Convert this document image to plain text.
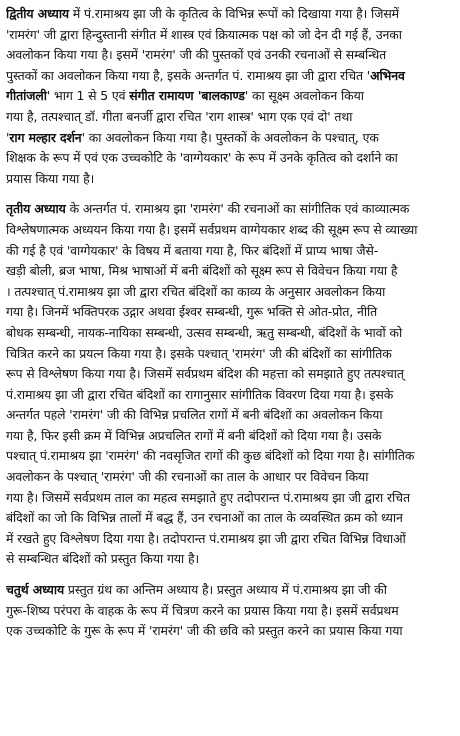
द्वितीय अध्याय में पं.रामाश्रय झा जी के कृतित्व के विभिन्न रूपों को दिखाया गया है। जिसमें
'रामरंग' जी द्वारा हिन्दुस्तानी संगीत में शास्त्र एवं क्रियात्मक पक्ष को जो देन दी गई हैं, उनका
अवलोकन किया गया है। इसमें 'रामरंग' जी की पुस्तकों एवं उनकी रचनाओं से सम्बन्धित
पुस्तकों का अवलोकन किया गया है, इसके अन्तर्गत पं. रामाश्रय झा जी द्वारा रचित 'अभिनव
गीतांजली' भाग 1 से 5 एवं संगीत रामायण 'बालकाण्ड' का सूक्ष्म अवलोकन किया
गया है, तत्पश्चात् डॉ. गीता बनर्जी द्वारा रचित 'राग शास्त्र' भाग एक एवं दो' तथा
'राग मल्हार दर्शन' का अवलोकन किया गया है। पुस्तकों के अवलोकन के पश्चात्, एक
शिक्षक के रूप में एवं एक उच्चकोटि के 'वाग्गेयकार' के रूप में उनके कृतित्व को दर्शाने का
प्रयास किया गया है।
तृतीय अध्याय के अन्तर्गत पं. रामाश्रय झा 'रामरंग' की रचनाओं का सांगीतिक एवं काव्यात्मक
विश्लेषणात्मक अध्ययन किया गया है। इसमें सर्वप्रथम वाग्गेयकार शब्द की सूक्ष्म रूप से व्याख्या
की गई है एवं 'वाग्गेयकार' के विषय में बताया गया है, फिर बंदिशों में प्राप्य भाषा जैसे-
खड़ी बोली, ब्रज भाषा, मिश्र भाषाओं में बनी बंदिशों को सूक्ष्म रूप से विवेचन किया गया है
। तत्पश्चात् पं.रामाश्रय झा जी द्वारा रचित बंदिशों का काव्य के अनुसार अवलोकन किया
गया है। जिनमें भक्तिपरक उद्गार अथवा ईश्वर सम्बन्धी, गुरू भक्ति से ओत-प्रोत, नीति
बोधक सम्बन्धी, नायक-नायिका सम्बन्धी, उत्सव सम्बन्धी, ऋतु सम्बन्धी, बंदिशों के भावों को
चित्रित करने का प्रयत्न किया गया है। इसके पश्चात् 'रामरंग' जी की बंदिशों का सांगीतिक
रूप से विश्लेषण किया गया है। जिसमें सर्वप्रथम बंदिश की महत्ता को समझाते हुए तत्पश्चात्
पं.रामाश्रय झा जी द्वारा रचित बंदिशों का रागानुसार सांगीतिक विवरण दिया गया है। इसके
अन्तर्गत पहले 'रामरंग' जी की विभिन्न प्रचलित रागों में बनी बंदिशों का अवलोकन किया
गया है, फिर इसी क्रम में विभिन्न अप्रचलित रागों में बनी बंदिशों को दिया गया है। उसके
पश्चात् पं.रामाश्रय झा 'रामरंग' की नवसृजित रागों की कुछ बंदिशों को दिया गया है। सांगीतिक
अवलोकन के पश्चात् 'रामरंग' जी की रचनाओं का ताल के आधार पर विवेचन किया
गया है। जिसमें सर्वप्रथम ताल का महत्व समझाते हुए तदोपरान्त पं.रामाश्रय झा जी द्वारा रचित
बंदिशों का जो कि विभिन्न तालों में बद्ध हैं, उन रचनाओं का ताल के व्यवस्थित क्रम को ध्यान
में रखते हुए विश्लेषण दिया गया है। तदोपरान्त पं.रामाश्रय झा जी द्वारा रचित विभिन्न विधाओं
से सम्बन्धित बंदिशों को प्रस्तुत किया गया है।
चतुर्थ अध्याय प्रस्तुत ग्रंथ का अन्तिम अध्याय है। प्रस्तुत अध्याय में पं.रामाश्रय झा जी की
गुरू-शिष्य परंपरा के वाहक के रूप में चित्रण करने का प्रयास किया गया है। इसमें सर्वप्रथम
एक उच्चकोटि के गुरू के रूप में 'रामरंग' जी की छवि को प्रस्तुत करने का प्रयास किया गया
